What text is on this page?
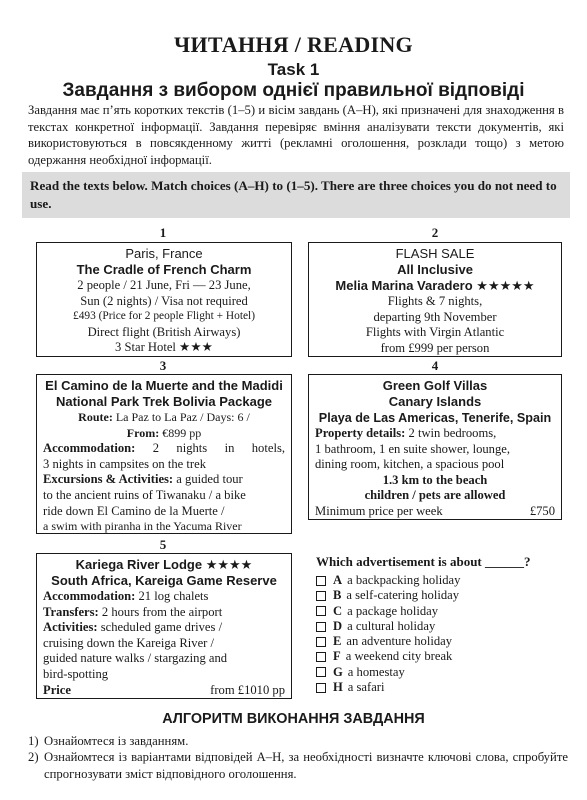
ЧИТАННЯ / READING
Task 1
Завдання з вибором однієї правильної відповіді
Завдання має п’ять коротких текстів (1–5) и вісім завдань (A–H), які призначені для знаходження в текстах конкретної інформації. Завдання перевіряє вміння аналізувати тексти документів, які використовуються в повсякденному житті (рекламні оголошення, розклади тощо) з метою одержання необхідної інформації.
Read the texts below. Match choices (A–H) to (1–5). There are three choices you do not need to use.
1	2
3	4
5
Paris, France
The Cradle of French Charm
2 people / 21 June, Fri — 23 June,
Sun (2 nights) / Visa not required
£493 (Price for 2 people Flight + Hotel)
Direct flight (British Airways)
3 Star Hotel ★★★
FLASH SALE
All Inclusive
Melia Marina Varadero ★★★★★
Flights & 7 nights,
departing 9th November
Flights with Virgin Atlantic
from £999 per person
El Camino de la Muerte and the Madidi
National Park Trek Bolivia Package
Route: La Paz to La Paz / Days: 6 /
From: €899 pp
Accommodation: 2 nights in hotels,
3 nights in campsites on the trek
Excursions & Activities: a guided tour
to the ancient ruins of Tiwanaku / a bike
ride down El Camino de la Muerte /
a swim with piranha in the Yacuma River
Green Golf Villas
Canary Islands
Playa de Las Americas, Tenerife, Spain
Property details: 2 twin bedrooms,
1 bathroom, 1 en suite shower, lounge,
dining room, kitchen, a spacious pool
1.3 km to the beach
children / pets are allowed
Minimum price per week	£750
Kariega River Lodge ★★★★
South Africa, Kareiga Game Reserve
Accommodation: 21 log chalets
Transfers: 2 hours from the airport
Activities: scheduled game drives /
cruising down the Kareiga River /
guided nature walks / stargazing and
bird-spotting
Price	from £1010 pp
Which advertisement is about ______?
A a backpacking holiday
B a self-catering holiday
C a package holiday
D a cultural holiday
E an adventure holiday
F a weekend city break
G a homestay
H a safari
АЛГОРИТМ ВИКОНАННЯ ЗАВДАННЯ
1) Ознайомтеся із завданням.
2) Ознайомтеся із варіантами відповідей A–H, за необхідності визначте ключові слова, спробуйте спрогнозувати зміст відповідного оголошення.
